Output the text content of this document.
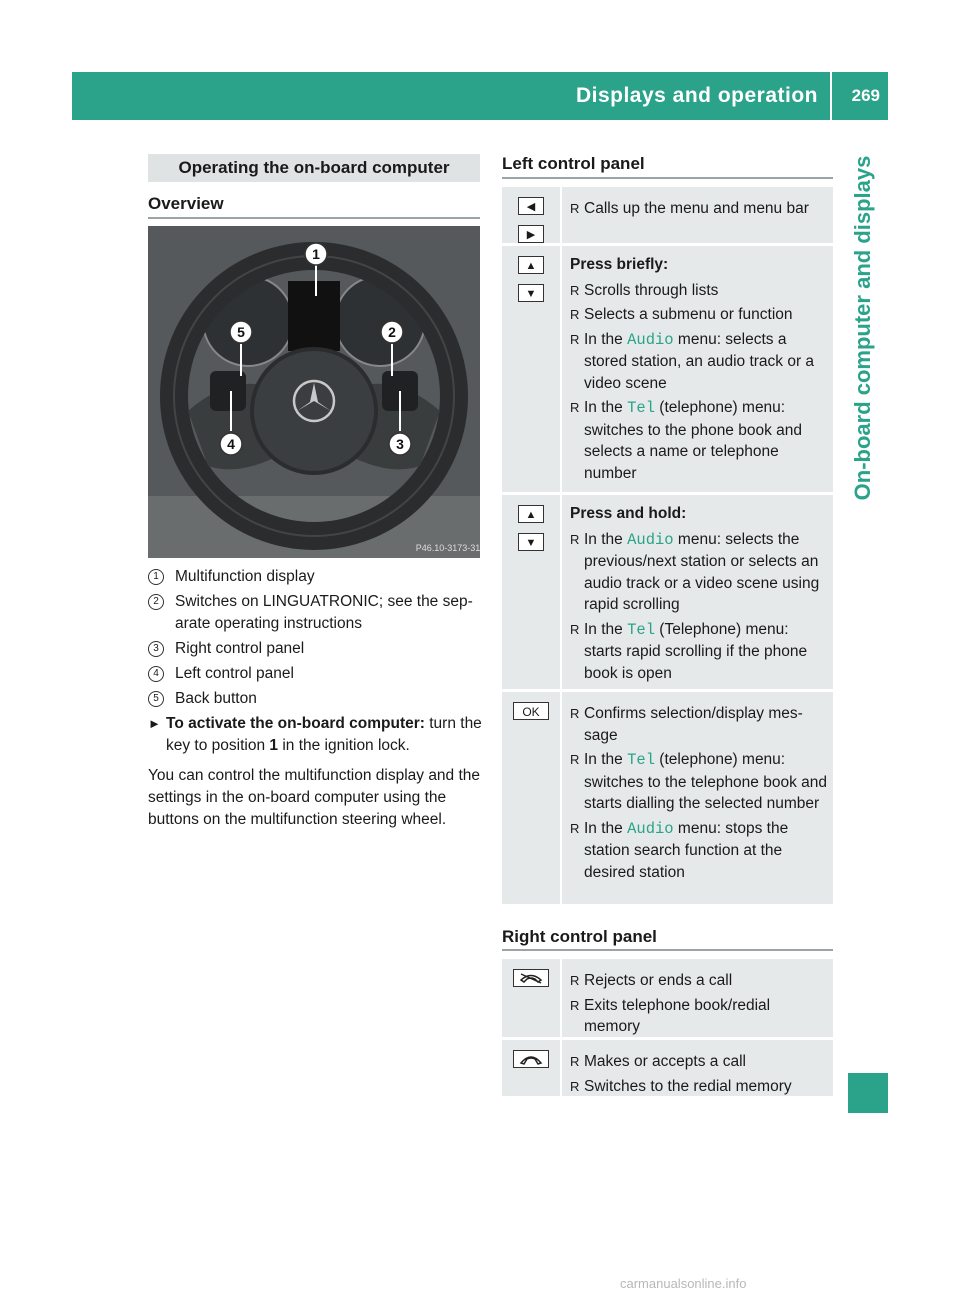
Displays and operation 269
On-board computer and displays
Operating the on-board computer
Overview
1
5	2
3
4
P46.10-3173-31
1	Multifunction display
2	Switches on LINGUATRONIC; see the sep-arate operating instructions
3	Right control panel
4	Left control panel
5	Back button
► To activate the on-board computer: turn the key to position 1 in the ignition lock.
You can control the multifunction display and the settings in the on-board computer using the buttons on the multifunction steering wheel.
Left control panel
◀
▶
R Calls up the menu and menu bar
▲
▼
Press briefly:
R Scrolls through lists
R Selects a submenu or function
R In the Audio menu: selects a stored station, an audio track or a video scene
R In the Tel (telephone) menu: switches to the phone book and selects a name or telephone number
▲
▼
Press and hold:
R In the Audio menu: selects the previous/next station or selects an audio track or a video scene using rapid scrolling
R In the Tel (Telephone) menu: starts rapid scrolling if the phone book is open
OK
R	Confirms selection/display mes-sage
R In the Tel (telephone) menu: switches to the telephone book and starts dialling the selected number
R In the Audio menu: stops the station search function at the desired station
Right control panel
R Rejects or ends a call
R Exits telephone book/redial memory
R Makes or accepts a call
R Switches to the redial memory
carmanualsonline.info
